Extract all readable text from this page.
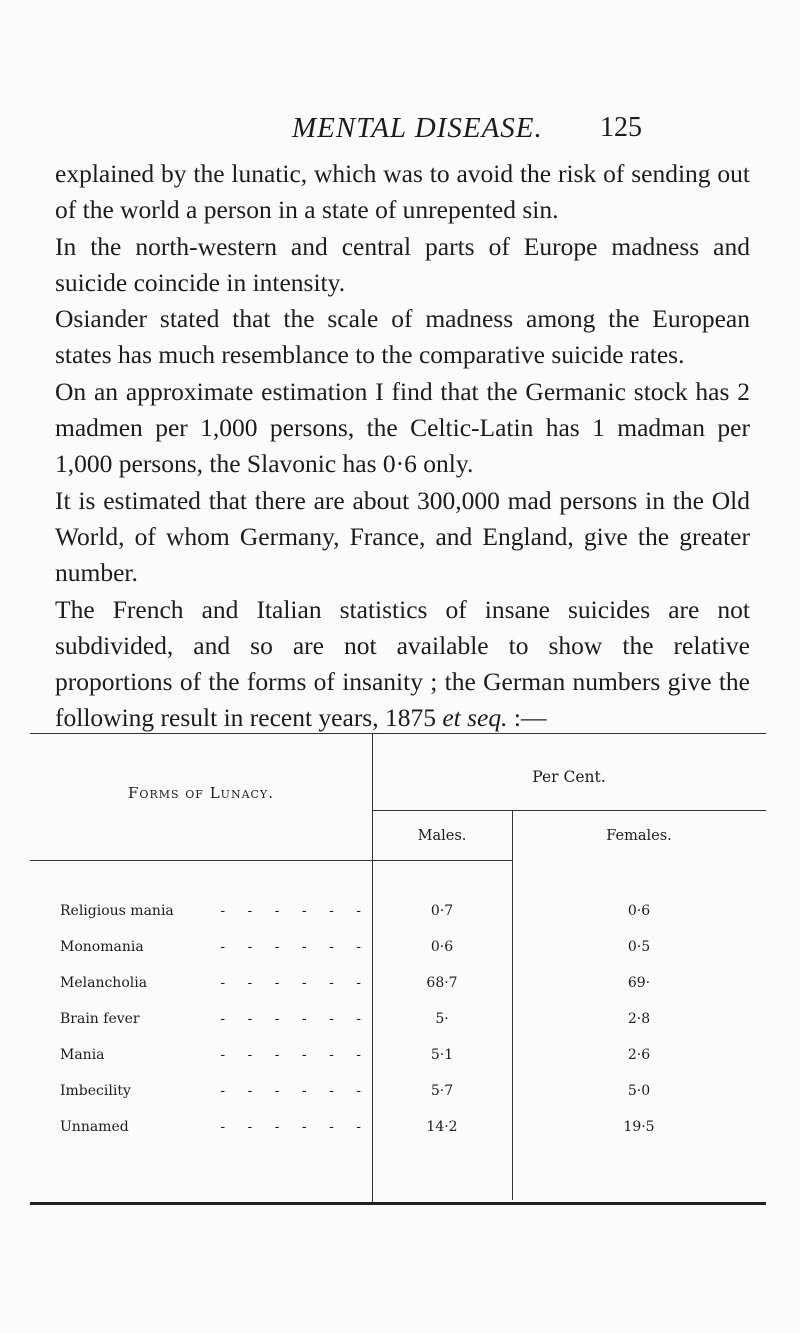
MENTAL DISEASE. 125

explained by the lunatic, which was to avoid the risk of sending out of the world a person in a state of unrepented sin.

In the north-western and central parts of Europe madness and suicide coincide in intensity.

Osiander stated that the scale of madness among the European states has much resemblance to the comparative suicide rates.

On an approximate estimation I find that the Germanic stock has 2 madmen per 1,000 persons, the Celtic-Latin has 1 madman per 1,000 persons, the Slavonic has 0·6 only.

It is estimated that there are about 300,000 mad persons in the Old World, of whom Germany, France, and England, give the greater number.

The French and Italian statistics of insane suicides are not subdivided, and so are not available to show the relative proportions of the forms of insanity ; the German numbers give the following result in recent years, 1875 et seq. :—

Forms of Lunacy.
Per Cent.
Males.	Females.
Religious mania	- - - - - -	0·7	0·6
Monomania	- - - - - -	0·6	0·5
Melancholia	- - - - - -	68·7	69·
Brain fever	- - - - - -	5·	2·8
Mania	- - - - - -	5·1	2·6
Imbecility	- - - - - -	5·7	5·0
Unnamed	- - - - - -	14·2	19·5
